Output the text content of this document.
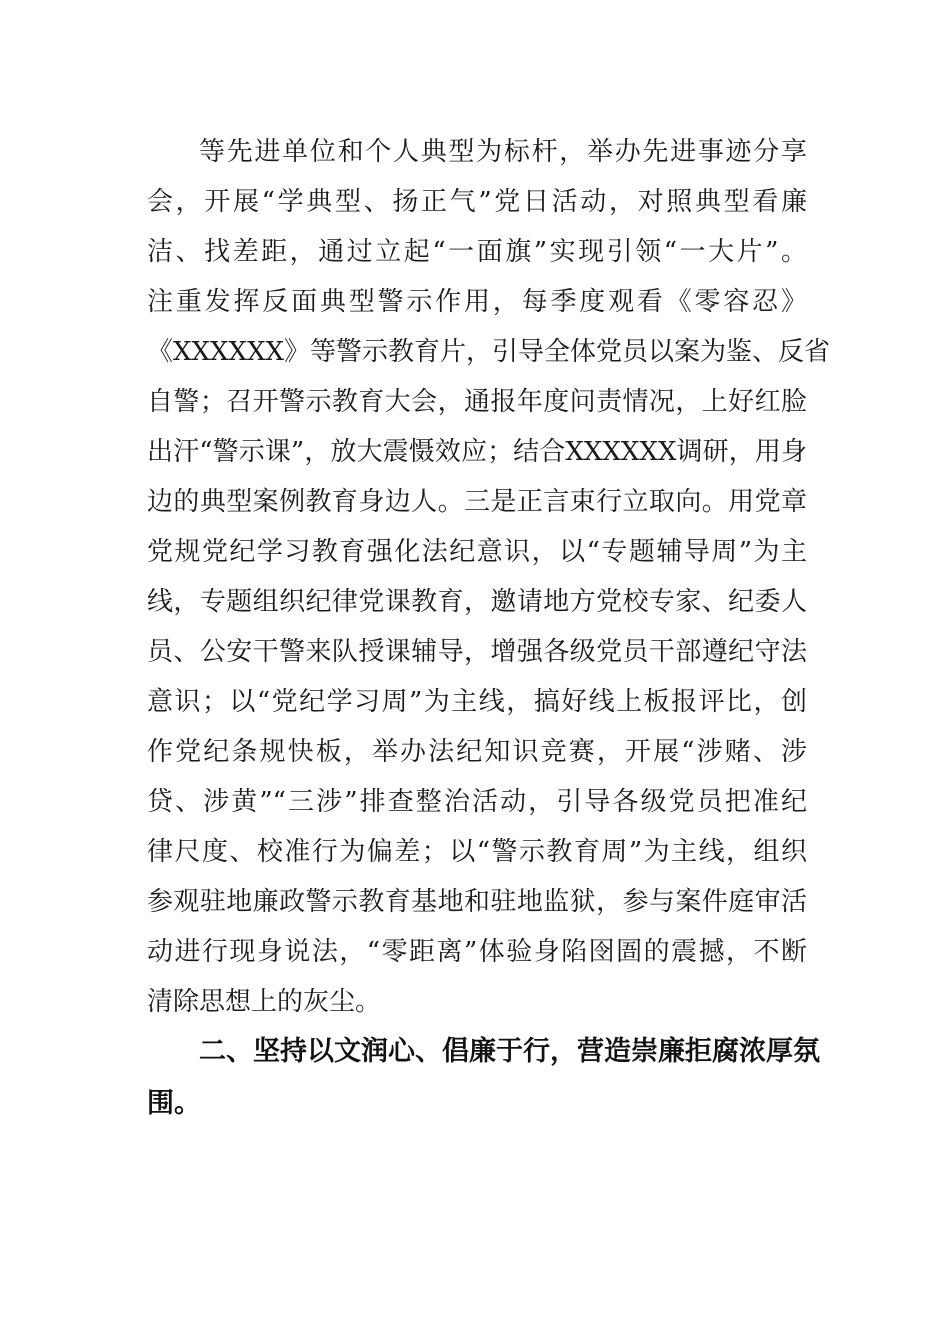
等先进单位和个人典型为标杆，举办先进事迹分享
会，开展“学典型、扬正气”党日活动，对照典型看廉
洁、找差距，通过立起“一面旗”实现引领“一大片”。
注重发挥反面典型警示作用，每季度观看《零容忍》
《XXXXXX》等警示教育片，引导全体党员以案为鉴、反省
自警；召开警示教育大会，通报年度问责情况，上好红脸
出汗“警示课”，放大震慑效应；结合XXXXXX调研，用身
边的典型案例教育身边人。三是正言束行立取向。用党章
党规党纪学习教育强化法纪意识，以“专题辅导周”为主
线，专题组织纪律党课教育，邀请地方党校专家、纪委人
员、公安干警来队授课辅导，增强各级党员干部遵纪守法
意识；以“党纪学习周”为主线，搞好线上板报评比，创
作党纪条规快板，举办法纪知识竞赛，开展“涉赌、涉
贷、涉黄”“三涉”排查整治活动，引导各级党员把准纪
律尺度、校准行为偏差；以“警示教育周”为主线，组织
参观驻地廉政警示教育基地和驻地监狱，参与案件庭审活
动进行现身说法，“零距离”体验身陷囹圄的震撼，不断
清除思想上的灰尘。
二、坚持以文润心、倡廉于行，营造崇廉拒腐浓厚氛
围。
